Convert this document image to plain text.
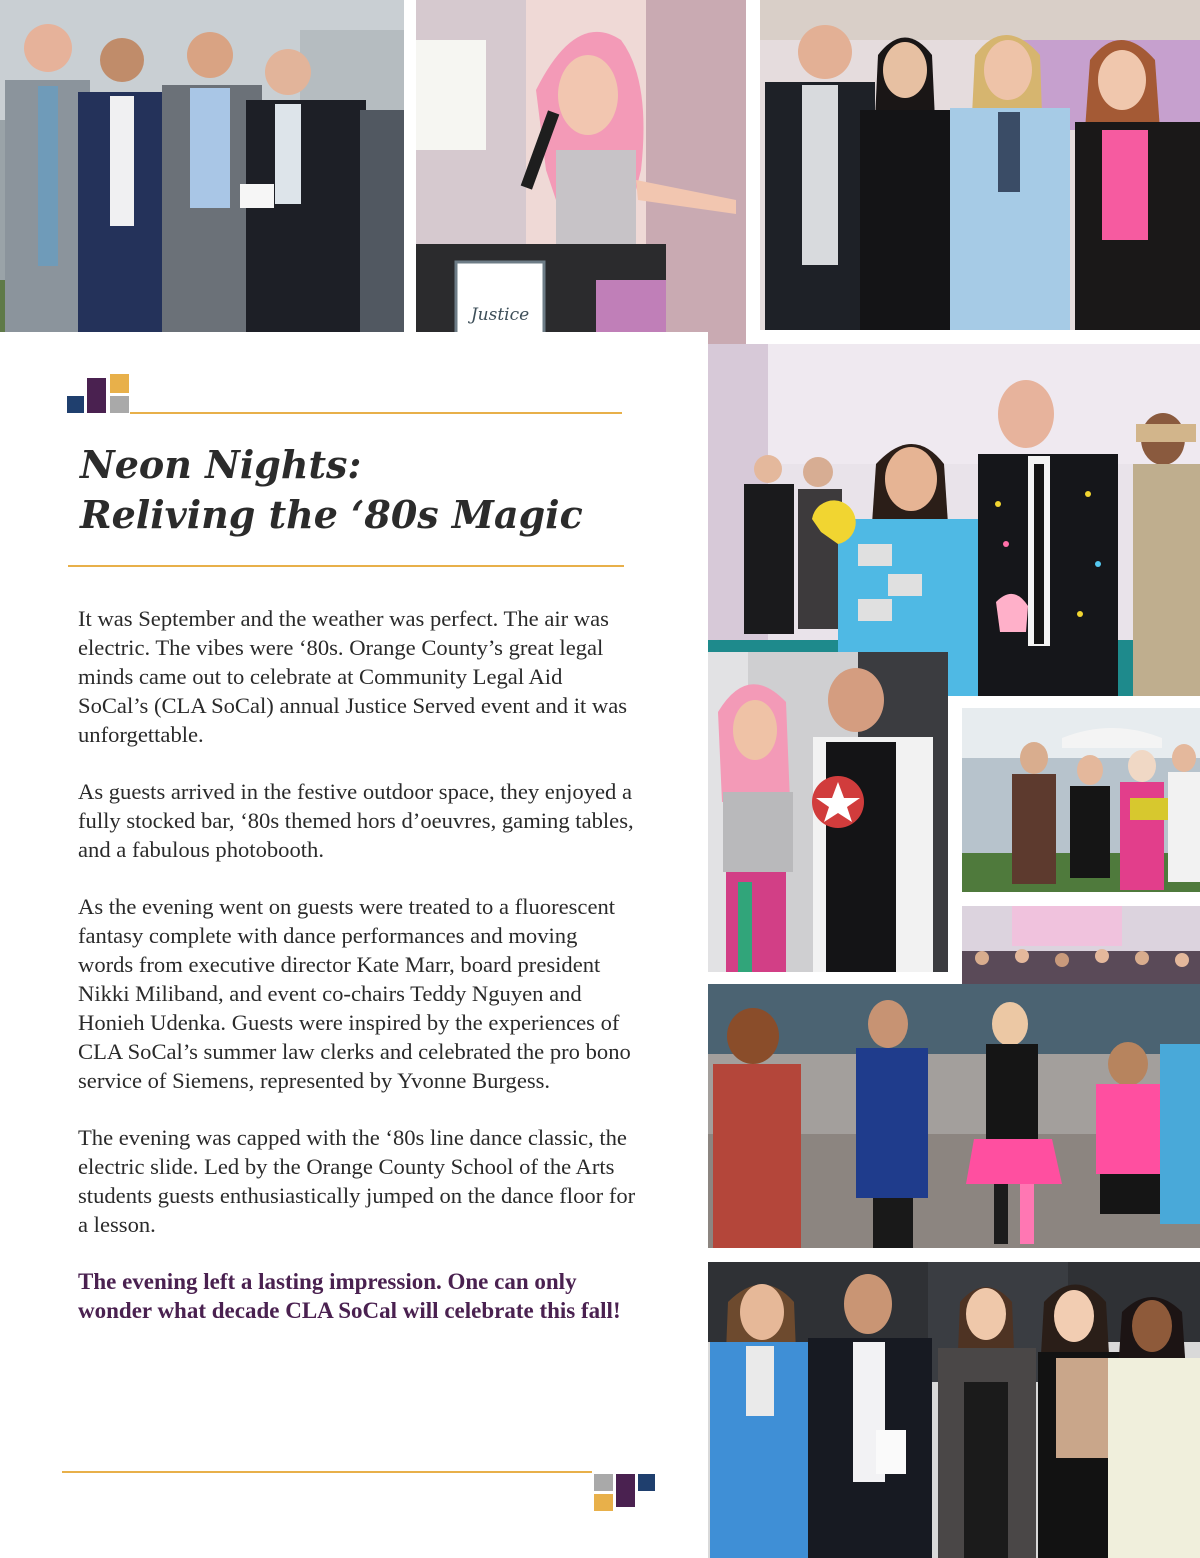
Justice
Neon Nights:
Reliving the ‘80s Magic

It was September and the weather was perfect. The air was electric. The vibes were ‘80s. Orange County’s great legal minds came out to celebrate at Community Legal Aid SoCal’s (CLA SoCal) annual Justice Served event and it was unforgettable.

As guests arrived in the festive outdoor space, they enjoyed a fully stocked bar, ‘80s themed hors d’oeuvres, gaming tables, and a fabulous photobooth.

As the evening went on guests were treated to a fluorescent fantasy complete with dance performances and moving words from executive director Kate Marr, board president Nikki Miliband, and event co-chairs Teddy Nguyen and Honieh Udenka. Guests were inspired by the experiences of CLA SoCal’s summer law clerks and celebrated the pro bono service of Siemens, represented by Yvonne Burgess.

The evening was capped with the ‘80s line dance classic, the electric slide. Led by the Orange County School of the Arts students guests enthusiastically jumped on the dance floor for a lesson.

The evening left a lasting impression. One can only wonder what decade CLA SoCal will celebrate this fall!
